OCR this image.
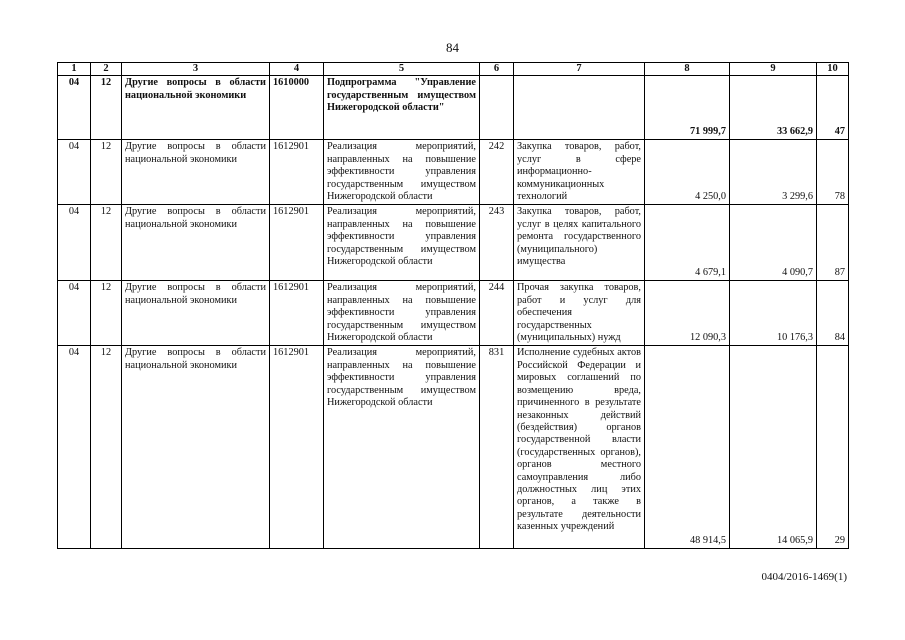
84
1	2	3	4	5	6	7	8	9	10
04	12	Другие вопросы в области национальной экономики	1610000	Подпрограмма "Управление государственным имуществом Нижегородской области"			71 999,7	33 662,9	47
04	12	Другие вопросы в области национальной экономики	1612901	Реализация мероприятий, направленных на повышение эффективности управления государственным имуществом Нижегородской области	242	Закупка товаров, работ, услуг в сфере информационно-коммуникационных технологий	4 250,0	3 299,6	78
04	12	Другие вопросы в области национальной экономики	1612901	Реализация мероприятий, направленных на повышение эффективности управления государственным имуществом Нижегородской области	243	Закупка товаров, работ, услуг в целях капитального ремонта государственного (муниципального) имущества	4 679,1	4 090,7	87
04	12	Другие вопросы в области национальной экономики	1612901	Реализация мероприятий, направленных на повышение эффективности управления государственным имуществом Нижегородской области	244	Прочая закупка товаров, работ и услуг для обеспечения государственных (муниципальных) нужд	12 090,3	10 176,3	84
04	12	Другие вопросы в области национальной экономики	1612901	Реализация мероприятий, направленных на повышение эффективности управления государственным имуществом Нижегородской области	831	Исполнение судебных актов Российской Федерации и мировых соглашений по возмещению вреда, причиненного в результате незаконных действий (бездействия) органов государственной власти (государственных органов), органов местного самоуправления либо должностных лиц этих органов, а также в результате деятельности казенных учреждений	48 914,5	14 065,9	29
0404/2016-1469(1)
